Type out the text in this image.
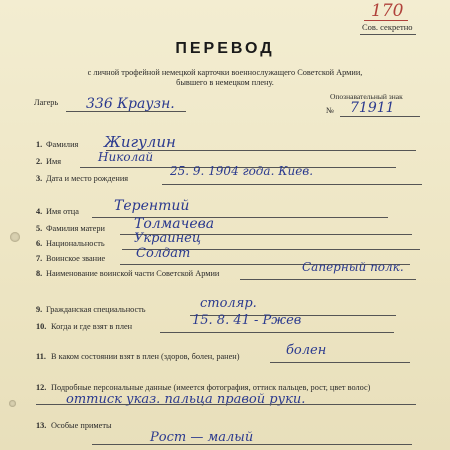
170
Сов. секретно
ПЕРЕВОД
с личной трофейной немецкой карточки военнослужащего Советской Армии,
бывшего в немецком плену.
Лагерь 336 Краузн.	Опознавательный знак
№ 71911
1. Фамилия Жигулин
2. Имя	Николай
3. Дата и место рождения
25. 9. 1904 года. Киев.
4. Имя отца	Терентий
5. Фамилия матери Толмачева
6. Национальность Украинец
7. Воинское звание Солдат
8. Наименование воинской части Советской Армии	Саперный полк.
9. Гражданская специальность	столяр.
10. Когда и где взят в плен	15. 8. 41 - Ржев
11. В каком состоянии взят в плен (здоров, болен, ранен)	болен
12. Подробные персональные данные (имеется фотография, оттиск пальцев, рост, цвет волос)
оттиск указ. пальца правой руки.
13. Особые приметы
Рост — малый
